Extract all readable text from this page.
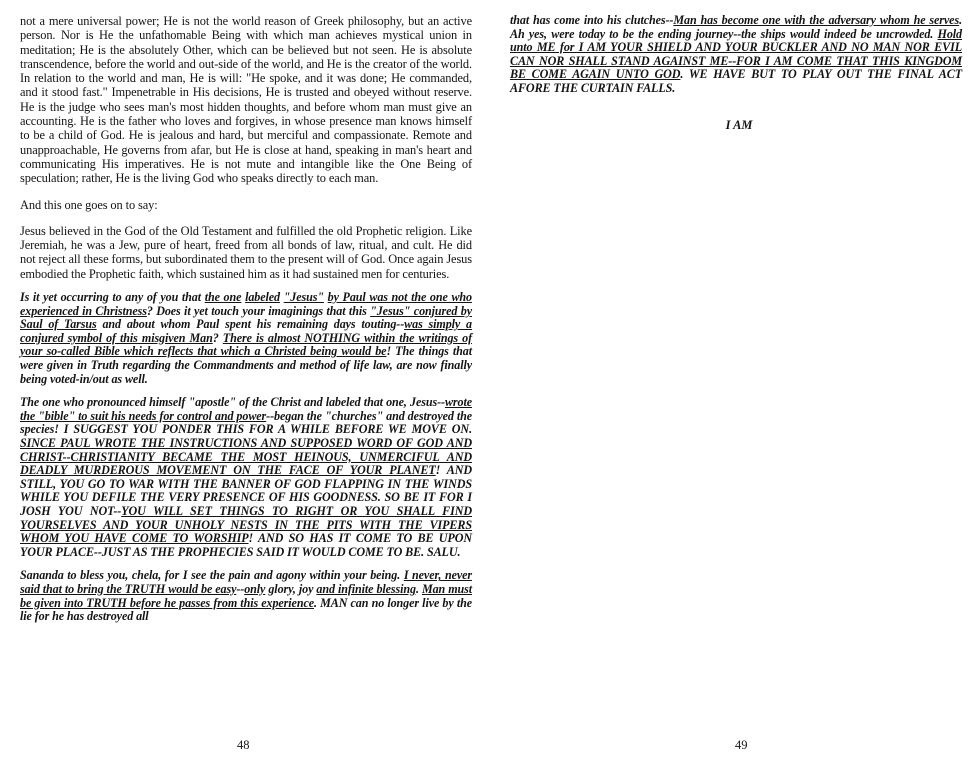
not a mere universal power; He is not the world reason of Greek philosophy, but an active person. Nor is He the unfathomable Being with which man achieves mystical union in meditation; He is the absolutely Other, which can be believed but not seen. He is absolute transcendence, before the world and out-side of the world, and He is the creator of the world. In relation to the world and man, He is will: "He spoke, and it was done; He commanded, and it stood fast." Impenetrable in His decisions, He is trusted and obeyed without reserve. He is the judge who sees man's most hidden thoughts, and before whom man must give an accounting. He is the father who loves and forgives, in whose presence man knows himself to be a child of God. He is jealous and hard, but merciful and compassionate. Remote and unapproachable, He governs from afar, but He is close at hand, speaking in man's heart and communicating His imperatives. He is not mute and intangible like the One Being of speculation; rather, He is the living God who speaks directly to each man.

And this one goes on to say:

Jesus believed in the God of the Old Testament and fulfilled the old Prophetic religion. Like Jeremiah, he was a Jew, pure of heart, freed from all bonds of law, ritual, and cult. He did not reject all these forms, but subordinated them to the present will of God. Once again Jesus embodied the Prophetic faith, which sustained him as it had sustained men for centuries.

Is it yet occurring to any of you that the one labeled "Jesus" by Paul was not the one who experienced in Christness? Does it yet touch your imaginings that this "Jesus" conjured by Saul of Tarsus and about whom Paul spent his remaining days touting--was simply a conjured symbol of this misgiven Man? There is almost NOTHING within the writings of your so-called Bible which reflects that which a Christed being would be! The things that were given in Truth regarding the Commandments and method of life law, are now finally being voted-in/out as well.

The one who pronounced himself "apostle" of the Christ and labeled that one, Jesus--wrote the "bible" to suit his needs for control and power--began the "churches" and destroyed the species! I SUGGEST YOU PONDER THIS FOR A WHILE BEFORE WE MOVE ON. SINCE PAUL WROTE THE INSTRUCTIONS AND SUPPOSED WORD OF GOD AND CHRIST--CHRISTIANITY BECAME THE MOST HEINOUS, UNMERCIFUL AND DEADLY MURDEROUS MOVEMENT ON THE FACE OF YOUR PLANET! AND STILL, YOU GO TO WAR WITH THE BANNER OF GOD FLAPPING IN THE WINDS WHILE YOU DEFILE THE VERY PRESENCE OF HIS GOODNESS. SO BE IT FOR I JOSH YOU NOT--YOU WILL SET THINGS TO RIGHT OR YOU SHALL FIND YOURSELVES AND YOUR UNHOLY NESTS IN THE PITS WITH THE VIPERS WHOM YOU HAVE COME TO WORSHIP! AND SO HAS IT COME TO BE UPON YOUR PLACE--JUST AS THE PROPHECIES SAID IT WOULD COME TO BE. SALU.

Sananda to bless you, chela, for I see the pain and agony within your being. I never, never said that to bring the TRUTH would be easy--only glory, joy and infinite blessing. Man must be given into TRUTH before he passes from this experience. MAN can no longer live by the lie for he has destroyed all

that has come into his clutches--Man has become one with the adversary whom he serves. Ah yes, were today to be the ending journey--the ships would indeed be uncrowded. Hold unto ME for I AM YOUR SHIELD AND YOUR BUCKLER AND NO MAN NOR EVIL CAN NOR SHALL STAND AGAINST ME--FOR I AM COME THAT THIS KINGDOM BE COME AGAIN UNTO GOD. WE HAVE BUT TO PLAY OUT THE FINAL ACT AFORE THE CURTAIN FALLS.

I AM
48	49
